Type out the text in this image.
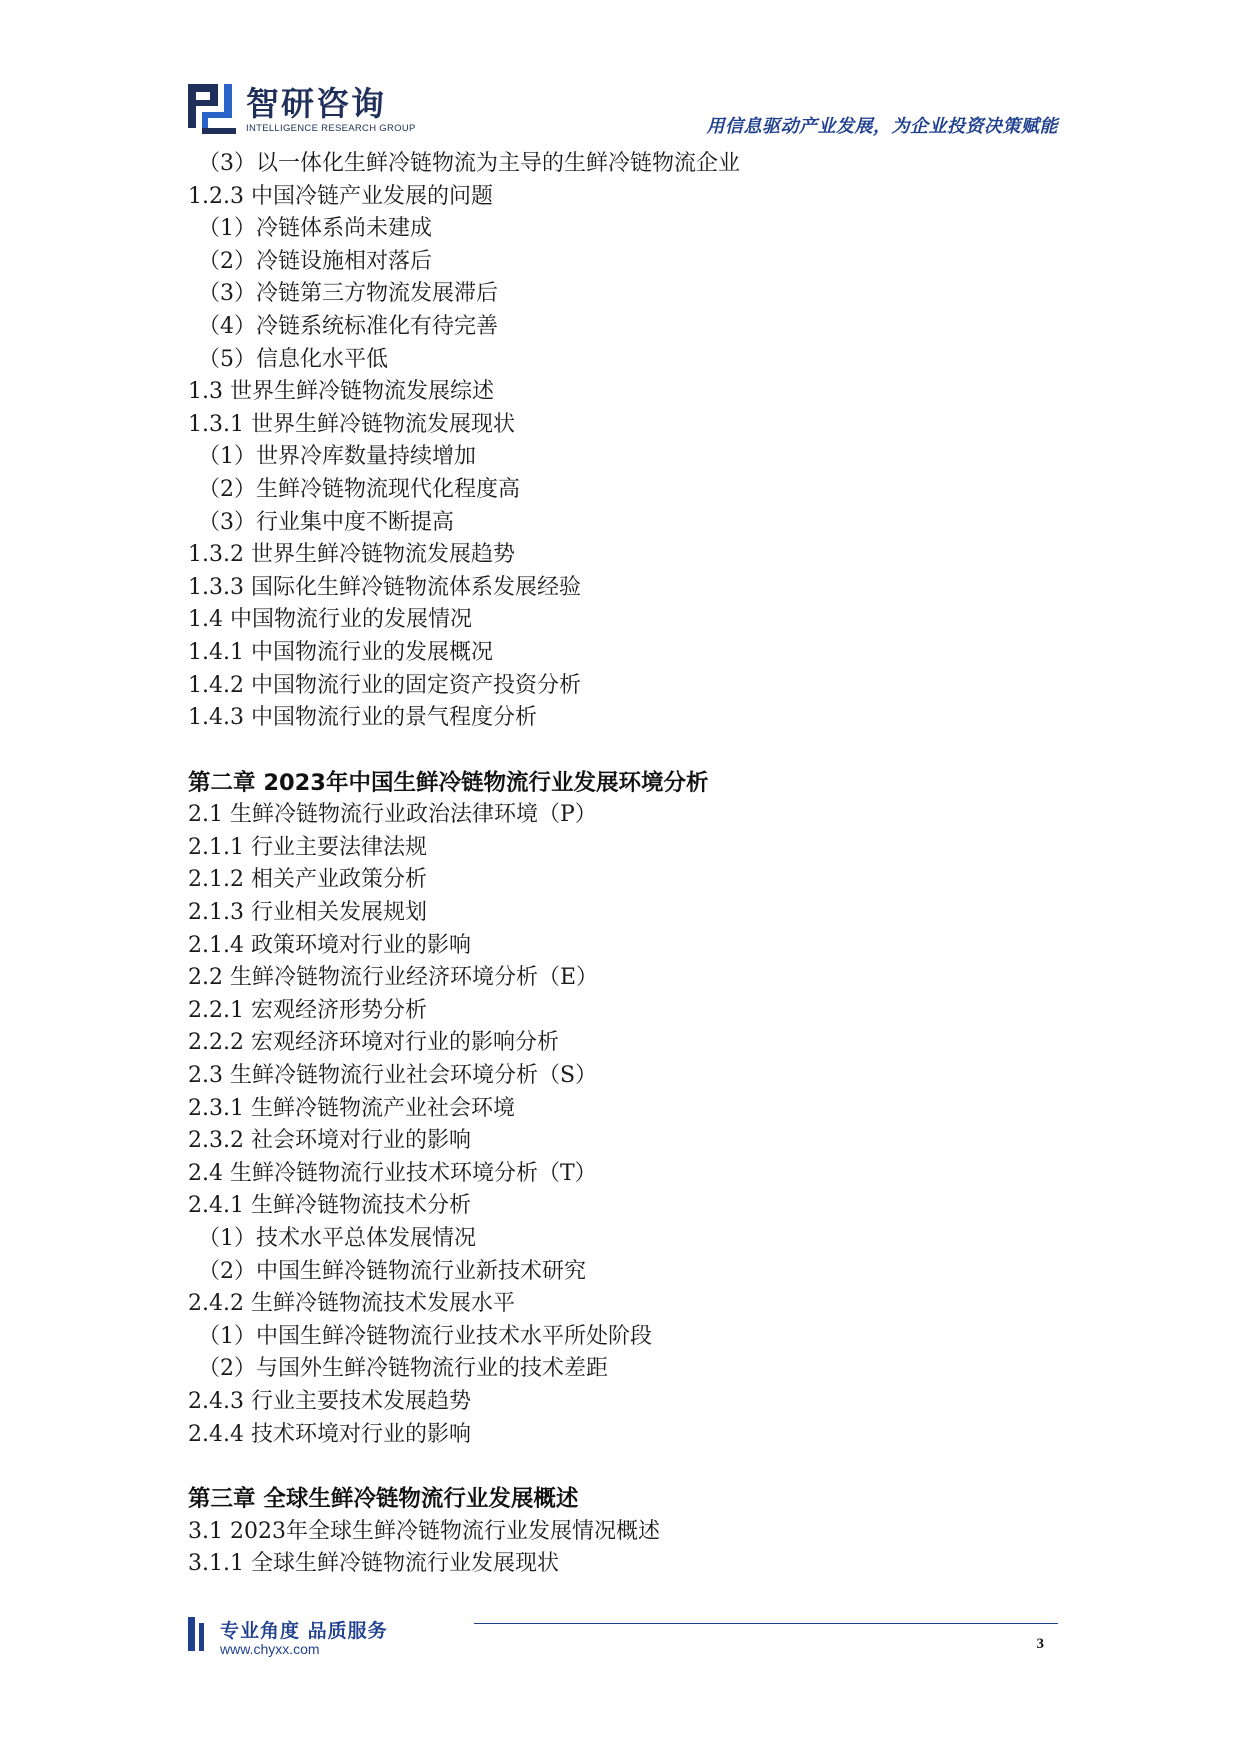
智研咨询
INTELLIGENCE RESEARCH GROUP	用信息驱动产业发展，为企业投资决策赋能
（3）以一体化生鲜冷链物流为主导的生鲜冷链物流企业
1.2.3 中国冷链产业发展的问题
（1）冷链体系尚未建成
（2）冷链设施相对落后
（3）冷链第三方物流发展滞后
（4）冷链系统标准化有待完善
（5）信息化水平低
1.3 世界生鲜冷链物流发展综述
1.3.1 世界生鲜冷链物流发展现状
（1）世界冷库数量持续增加
（2）生鲜冷链物流现代化程度高
（3）行业集中度不断提高
1.3.2 世界生鲜冷链物流发展趋势
1.3.3 国际化生鲜冷链物流体系发展经验
1.4 中国物流行业的发展情况
1.4.1 中国物流行业的发展概况
1.4.2 中国物流行业的固定资产投资分析
1.4.3 中国物流行业的景气程度分析
第二章 2023年中国生鲜冷链物流行业发展环境分析
2.1 生鲜冷链物流行业政治法律环境（P）
2.1.1 行业主要法律法规
2.1.2 相关产业政策分析
2.1.3 行业相关发展规划
2.1.4 政策环境对行业的影响
2.2 生鲜冷链物流行业经济环境分析（E）
2.2.1 宏观经济形势分析
2.2.2 宏观经济环境对行业的影响分析
2.3 生鲜冷链物流行业社会环境分析（S）
2.3.1 生鲜冷链物流产业社会环境
2.3.2 社会环境对行业的影响
2.4 生鲜冷链物流行业技术环境分析（T）
2.4.1 生鲜冷链物流技术分析
（1）技术水平总体发展情况
（2）中国生鲜冷链物流行业新技术研究
2.4.2 生鲜冷链物流技术发展水平
（1）中国生鲜冷链物流行业技术水平所处阶段
（2）与国外生鲜冷链物流行业的技术差距
2.4.3 行业主要技术发展趋势
2.4.4 技术环境对行业的影响
第三章 全球生鲜冷链物流行业发展概述
3.1 2023年全球生鲜冷链物流行业发展情况概述
3.1.1 全球生鲜冷链物流行业发展现状
专业角度 品质服务
www.chyxx.com	3
